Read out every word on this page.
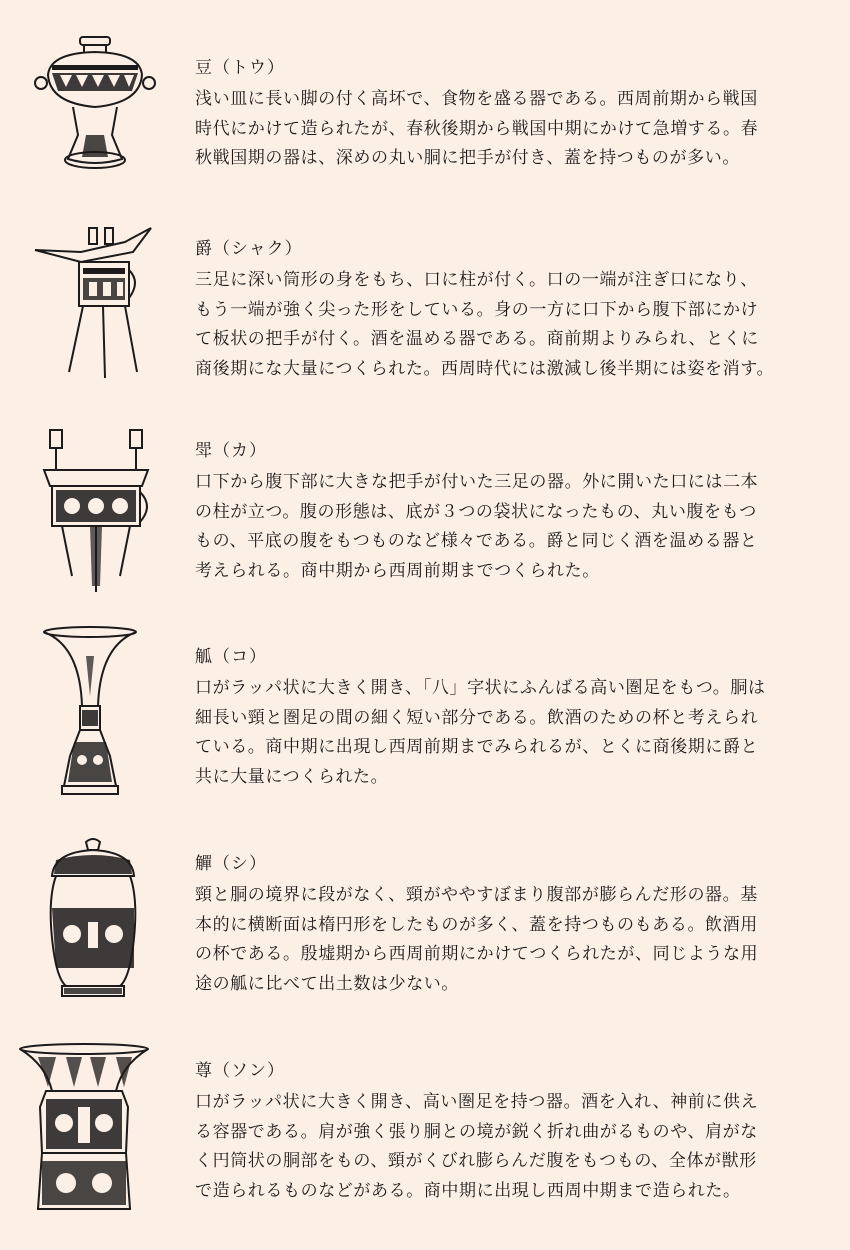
豆（トウ）
浅い皿に長い脚の付く高坏で、食物を盛る器である。西周前期から戦国
時代にかけて造られたが、春秋後期から戦国中期にかけて急増する。春
秋戦国期の器は、深めの丸い胴に把手が付き、蓋を持つものが多い。
爵（シャク）
三足に深い筒形の身をもち、口に柱が付く。口の一端が注ぎ口になり、
もう一端が強く尖った形をしている。身の一方に口下から腹下部にかけ
て板状の把手が付く。酒を温める器である。商前期よりみられ、とくに
商後期にな大量につくられた。西周時代には激減し後半期には姿を消す。
斝（カ）
口下から腹下部に大きな把手が付いた三足の器。外に開いた口には二本
の柱が立つ。腹の形態は、底が３つの袋状になったもの、丸い腹をもつ
もの、平底の腹をもつものなど様々である。爵と同じく酒を温める器と
考えられる。商中期から西周前期までつくられた。
觚（コ）
口がラッパ状に大きく開き、「八」字状にふんばる高い圏足をもつ。胴は
細長い頸と圏足の間の細く短い部分である。飲酒のための杯と考えられ
ている。商中期に出現し西周前期までみられるが、とくに商後期に爵と
共に大量につくられた。
觶（シ）
頸と胴の境界に段がなく、頸がややすぼまり腹部が膨らんだ形の器。基
本的に横断面は楕円形をしたものが多く、蓋を持つものもある。飲酒用
の杯である。殷墟期から西周前期にかけてつくられたが、同じような用
途の觚に比べて出土数は少ない。
尊（ソン）
口がラッパ状に大きく開き、高い圏足を持つ器。酒を入れ、神前に供え
る容器である。肩が強く張り胴との境が鋭く折れ曲がるものや、肩がな
く円筒状の胴部をもの、頸がくびれ膨らんだ腹をもつもの、全体が獣形
で造られるものなどがある。商中期に出現し西周中期まで造られた。
